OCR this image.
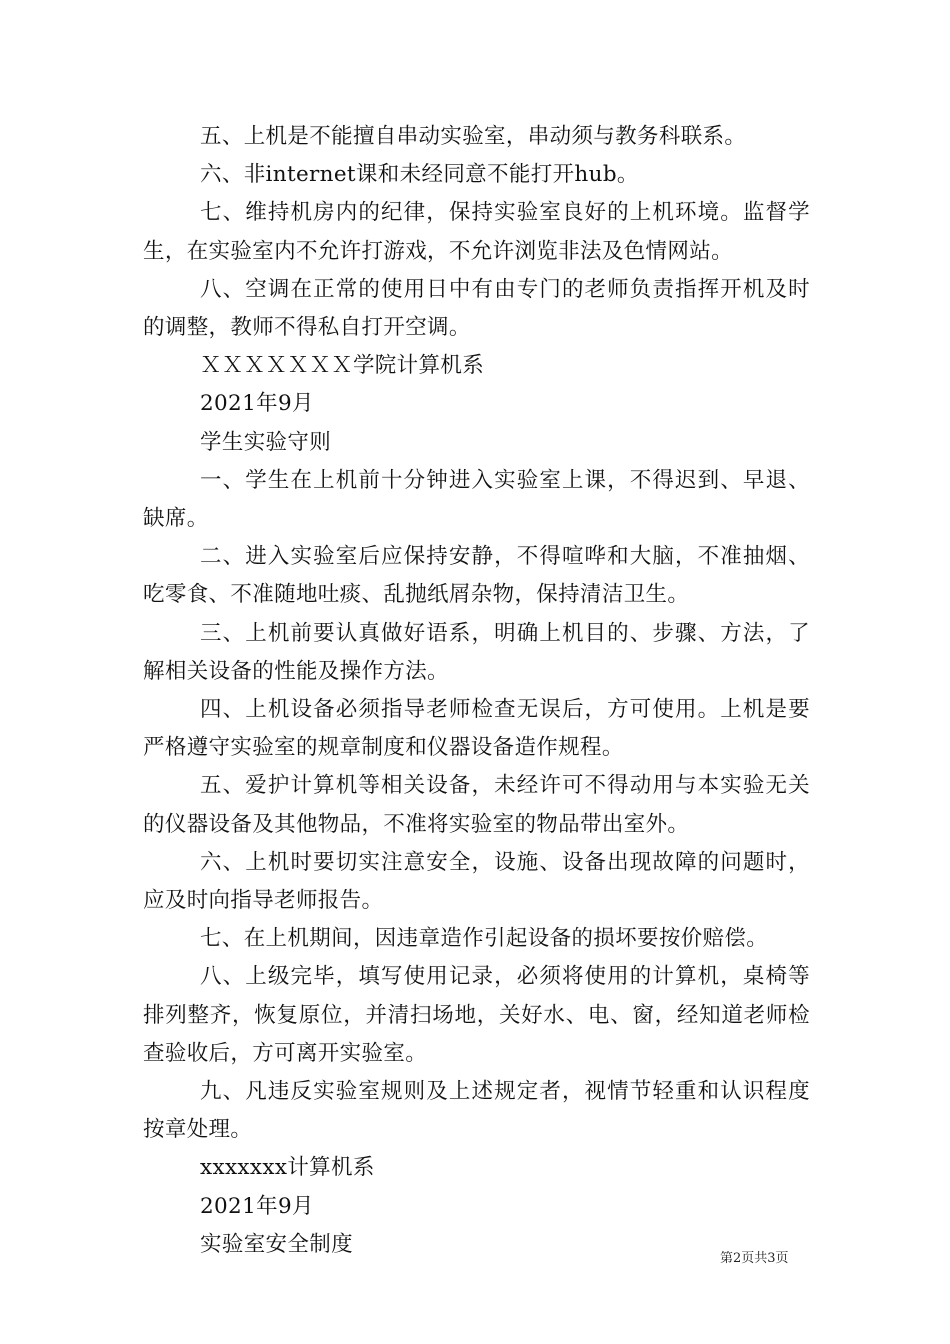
五、上机是不能擅自串动实验室，串动须与教务科联系。

六、非internet课和未经同意不能打开hub。

七、维持机房内的纪律，保持实验室良好的上机环境。监督学生，在实验室内不允许打游戏，不允许浏览非法及色情网站。

八、空调在正常的使用日中有由专门的老师负责指挥开机及时的调整，教师不得私自打开空调。

ＸＸＸＸＸＸＸ学院计算机系

2021年9月

学生实验守则

一、学生在上机前十分钟进入实验室上课，不得迟到、早退、缺席。

二、进入实验室后应保持安静，不得喧哗和大脑，不准抽烟、吃零食、不准随地吐痰、乱抛纸屑杂物，保持清洁卫生。

三、上机前要认真做好语系，明确上机目的、步骤、方法，了解相关设备的性能及操作方法。

四、上机设备必须指导老师检查无误后，方可使用。上机是要严格遵守实验室的规章制度和仪器设备造作规程。

五、爱护计算机等相关设备，未经许可不得动用与本实验无关的仪器设备及其他物品，不准将实验室的物品带出室外。

六、上机时要切实注意安全，设施、设备出现故障的问题时，应及时向指导老师报告。

七、在上机期间，因违章造作引起设备的损坏要按价赔偿。

八、上级完毕，填写使用记录，必须将使用的计算机，桌椅等排列整齐，恢复原位，并清扫场地，关好水、电、窗，经知道老师检查验收后，方可离开实验室。

九、凡违反实验室规则及上述规定者，视情节轻重和认识程度按章处理。

xxxxxxx计算机系

2021年9月

实验室安全制度

第2页共3页
